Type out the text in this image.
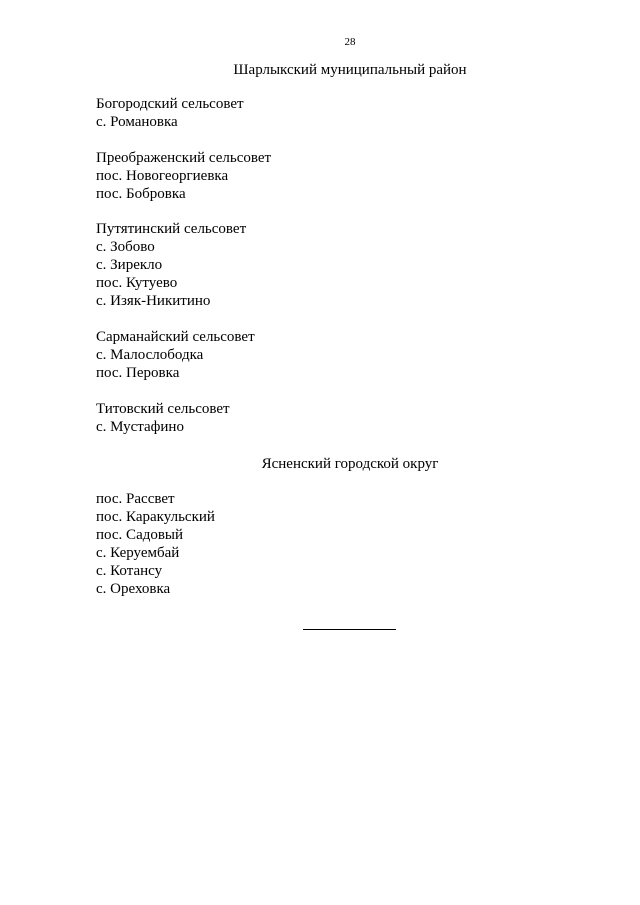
28
Шарлыкский муниципальный район
Богородский сельсовет
с. Романовка
Преображенский сельсовет
пос. Новогеоргиевка
пос. Бобровка
Путятинский сельсовет
с. Зобово
с. Зирекло
пос. Кутуево
с. Изяк-Никитино
Сарманайский сельсовет
с. Малослободка
пос. Перовка
Титовский сельсовет
с. Мустафино
Ясненский городской округ
пос. Рассвет
пос. Каракульский
пос. Садовый
с. Керуембай
с. Котансу
с. Ореховка
